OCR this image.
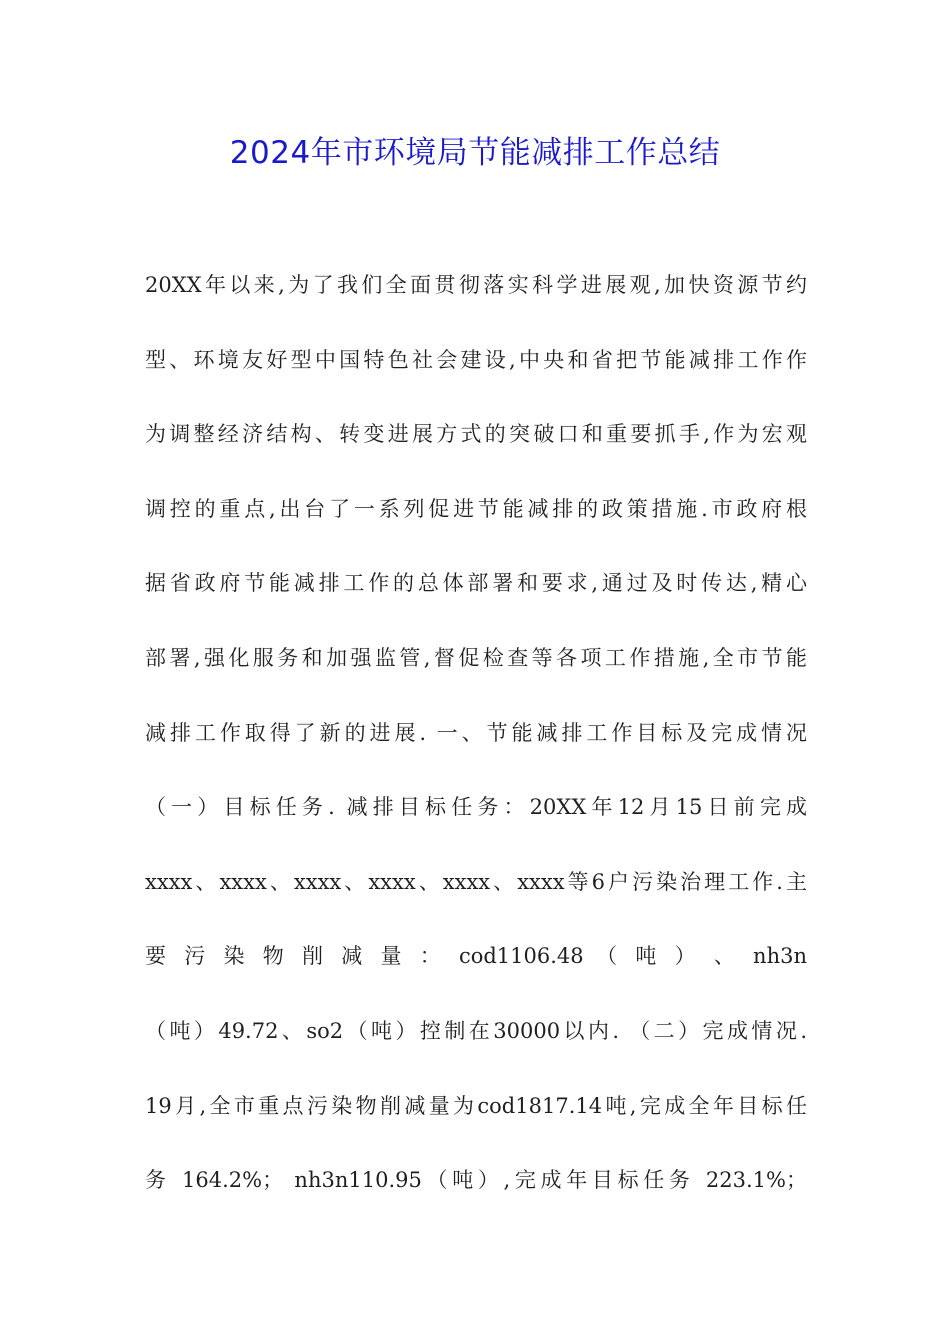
2024年市环境局节能减排工作总结
20XX年以来,为了我们全面贯彻落实科学进展观,加快资源节约
型、环境友好型中国特色社会建设,中央和省把节能减排工作作
为调整经济结构、转变进展方式的突破口和重要抓手,作为宏观
调控的重点,出台了一系列促进节能减排的政策措施.市政府根
据省政府节能减排工作的总体部署和要求,通过及时传达,精心
部署,强化服务和加强监管,督促检查等各项工作措施,全市节能
减排工作取得了新的进展. 一、节能减排工作目标及完成情况
（一）目标任务. 减排目标任务：20XX年12月15日前完成
xxxx、xxxx、xxxx、xxxx、xxxx、xxxx等6户污染治理工作.主
要 污 染 物 削 减 量 ： cod1106.48 （ 吨 ） 、 nh3n
（吨）49.72、so2（吨）控制在30000以内. （二）完成情况.
19月,全市重点污染物削减量为cod1817.14吨,完成全年目标任
务 164.2%； nh3n110.95（吨）,完成年目标任务 223.1%；
